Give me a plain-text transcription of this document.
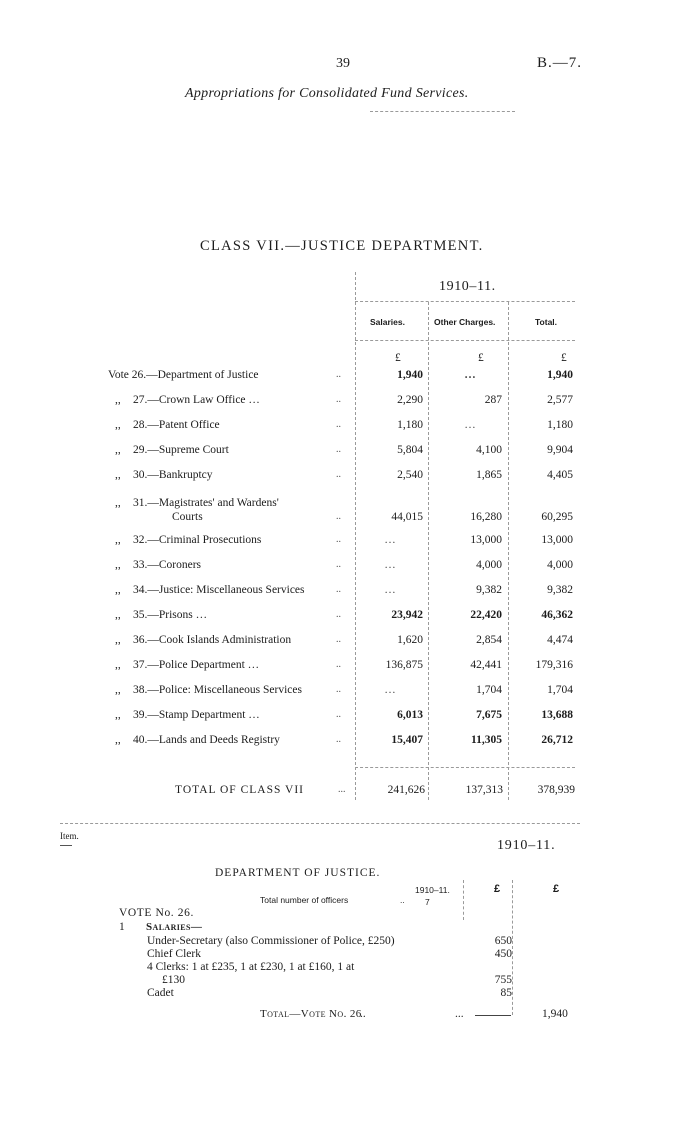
39	B.—7.
Appropriations for Consolidated Fund Services.
CLASS VII.—JUSTICE DEPARTMENT.
1910–11.
Salaries.	Other Charges.	Total.
£	£	£
Vote 26.—Department of Justice	..	1,940	…	1,940
,, 27.—Crown Law Office …	..	2,290	287	2,577
,, 28.—Patent Office	..	1,180	…	1,180
,, 29.—Supreme Court	..	5,804	4,100	9,904
,, 30.—Bankruptcy	..	2,540	1,865	4,405
,, 31.—Magistrates' and Wardens'
Courts	..	44,015	16,280	60,295
,, 32.—Criminal Prosecutions	..	…	13,000	13,000
,, 33.—Coroners	..	…	4,000	4,000
,, 34.—Justice: Miscellaneous Services	..	…	9,382	9,382
,, 35.—Prisons …	..	23,942	22,420	46,362
,, 36.—Cook Islands Administration	..	1,620	2,854	4,474
,, 37.—Police Department …	..	136,875	42,441	179,316
,, 38.—Police: Miscellaneous Services	..	…	1,704	1,704
,, 39.—Stamp Department …	..	6,013	7,675	13,688
,, 40.—Lands and Deeds Registry	..	15,407	11,305	26,712
TOTAL OF CLASS VII	...	241,626	137,313	378,939
Item.
1910–11.
DEPARTMENT OF JUSTICE.
1910–11.
Total number of officers	.. 7
£	£
VOTE No. 26.
1 Salaries—
Under-Secretary (also Commissioner of Police, £250)	650
Chief Clerk	450
4 Clerks: 1 at £235, 1 at £230, 1 at £160, 1 at
£130	755
Cadet	85
Total—Vote No. 26
..	...	1,940
